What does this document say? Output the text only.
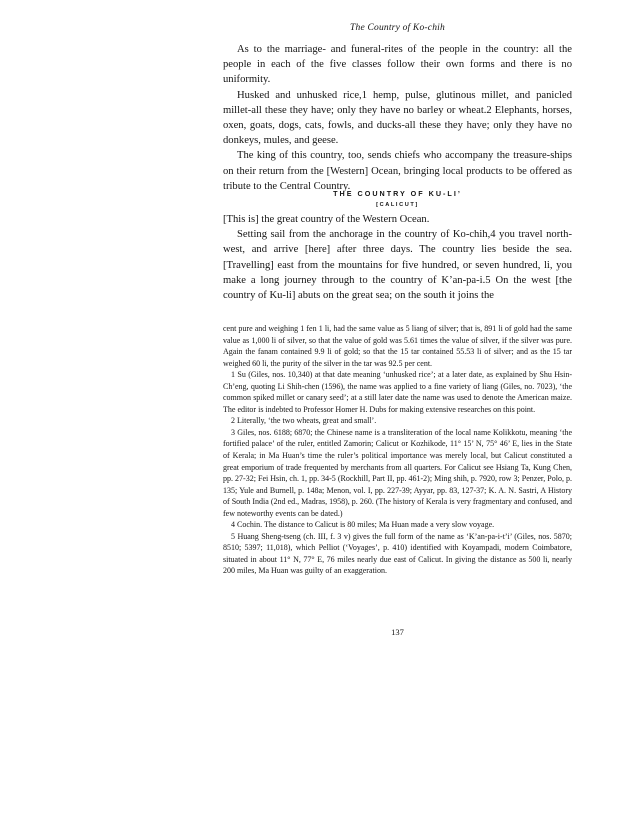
The Country of Ko-chih

As to the marriage- and funeral-rites of the people in the country: all the people in each of the five classes follow their own forms and there is no uniformity.

Husked and unhusked rice,1 hemp, pulse, glutinous millet, and panicled millet-all these they have; only they have no barley or wheat.2 Elephants, horses, oxen, goats, dogs, cats, fowls, and ducks-all these they have; only they have no donkeys, mules, and geese.

The king of this country, too, sends chiefs who accompany the treasure-ships on their return from the [Western] Ocean, bringing local products to be offered as tribute to the Central Country.

THE COUNTRY OF KU-LIʼ
[CALICUT]

[This is] the great country of the Western Ocean.

Setting sail from the anchorage in the country of Ko-chih,4 you travel north-west, and arrive [here] after three days. The country lies beside the sea. [Travelling] east from the mountains for five hundred, or seven hundred, li, you make a long journey through to the country of K’an-pa-i.5 On the west [the country of Ku-li] abuts on the great sea; on the south it joins the

cent pure and weighing 1 fen 1 li, had the same value as 5 liang of silver; that is, 891 li of gold had the same value as 1,000 li of silver, so that the value of gold was 5.61 times the value of silver, if the silver was pure. Again the fanam contained 9.9 li of gold; so that the 15 tar contained 55.53 li of silver; and as the 15 tar weighed 60 li, the purity of the silver in the tar was 92.5 per cent.

1 Su (Giles, nos. 10,340) at that date meaning ‘unhusked rice’; at a later date, as explained by Shu Hsin-Ch’eng, quoting Li Shih-chen (1596), the name was applied to a fine variety of liang (Giles, no. 7023), ‘the common spiked millet or canary seed’; at a still later date the name was used to denote the American maize. The editor is indebted to Professor Homer H. Dubs for making extensive researches on this point.

2 Literally, ‘the two wheats, great and small’.

3 Giles, nos. 6188; 6870; the Chinese name is a transliteration of the local name Kolikkotu, meaning ‘the fortified palace’ of the ruler, entitled Zamorin; Calicut or Kozhikode, 11° 15’ N, 75° 46’ E, lies in the State of Kerala; in Ma Huan’s time the ruler’s political importance was merely local, but Calicut constituted a great emporium of trade frequented by merchants from all quarters. For Calicut see Hsiang Ta, Kung Chen, pp. 27-32; Fei Hsin, ch. 1, pp. 34-5 (Rockhill, Part II, pp. 461-2); Ming shih, p. 7920, row 3; Penzer, Polo, p. 135; Yule and Burnell, p. 148a; Menon, vol. I, pp. 227-39; Ayyar, pp. 83, 127-37; K. A. N. Sastri, A History of South India (2nd ed., Madras, 1958), p. 260. (The history of Kerala is very fragmentary and confused, and few noteworthy events can be dated.)

4 Cochin. The distance to Calicut is 80 miles; Ma Huan made a very slow voyage.

5 Huang Sheng-tseng (ch. III, f. 3 v) gives the full form of the name as ‘K’an-pa-i-t’i’ (Giles, nos. 5870; 8510; 5397; 11,018), which Pelliot (‘Voyages’, p. 410) identified with Koyampadi, modern Coimbatore, situated in about 11° N, 77° E, 76 miles nearly due east of Calicut. In giving the distance as 500 li, nearly 200 miles, Ma Huan was guilty of an exaggeration.

137
